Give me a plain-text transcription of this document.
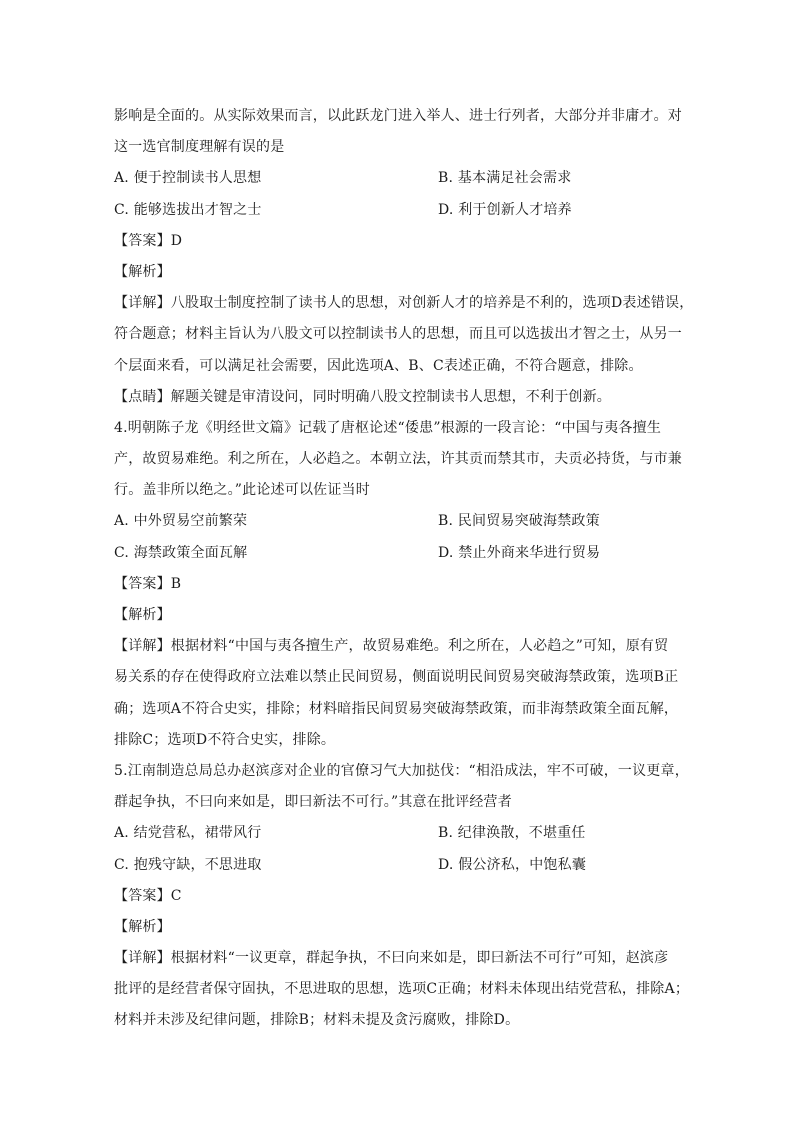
影响是全面的。从实际效果而言，以此跃龙门进入举人、进士行列者，大部分并非庸才。对
这一选官制度理解有误的是
A. 便于控制读书人思想	B. 基本满足社会需求
C. 能够选拔出才智之士	D. 利于创新人才培养
【答案】D
【解析】
【详解】八股取士制度控制了读书人的思想，对创新人才的培养是不利的，选项D表述错误，
符合题意；材料主旨认为八股文可以控制读书人的思想，而且可以选拔出才智之士，从另一
个层面来看，可以满足社会需要，因此选项A、B、C表述正确，不符合题意，排除。
【点睛】解题关键是审清设问，同时明确八股文控制读书人思想，不利于创新。
4.明朝陈子龙《明经世文篇》记载了唐枢论述“倭患”根源的一段言论：“中国与夷各擅生
产，故贸易难绝。利之所在，人必趋之。本朝立法，许其贡而禁其市，夫贡必持货，与市兼
行。盖非所以绝之。”此论述可以佐证当时
A. 中外贸易空前繁荣	B. 民间贸易突破海禁政策
C. 海禁政策全面瓦解	D. 禁止外商来华进行贸易
【答案】B
【解析】
【详解】根据材料“中国与夷各擅生产，故贸易难绝。利之所在，人必趋之”可知，原有贸
易关系的存在使得政府立法难以禁止民间贸易，侧面说明民间贸易突破海禁政策，选项B正
确；选项A不符合史实，排除；材料暗指民间贸易突破海禁政策，而非海禁政策全面瓦解，
排除C；选项D不符合史实，排除。
5.江南制造总局总办赵滨彦对企业的官僚习气大加挞伐：“相沿成法，牢不可破，一议更章，
群起争执，不曰向来如是，即曰新法不可行。”其意在批评经营者
A. 结党营私，裙带风行	B. 纪律涣散，不堪重任
C. 抱残守缺，不思进取	D. 假公济私，中饱私囊
【答案】C
【解析】
【详解】根据材料“一议更章，群起争执，不曰向来如是，即曰新法不可行”可知，赵滨彦
批评的是经营者保守固执，不思进取的思想，选项C正确；材料未体现出结党营私，排除A；
材料并未涉及纪律问题，排除B；材料未提及贪污腐败，排除D。
